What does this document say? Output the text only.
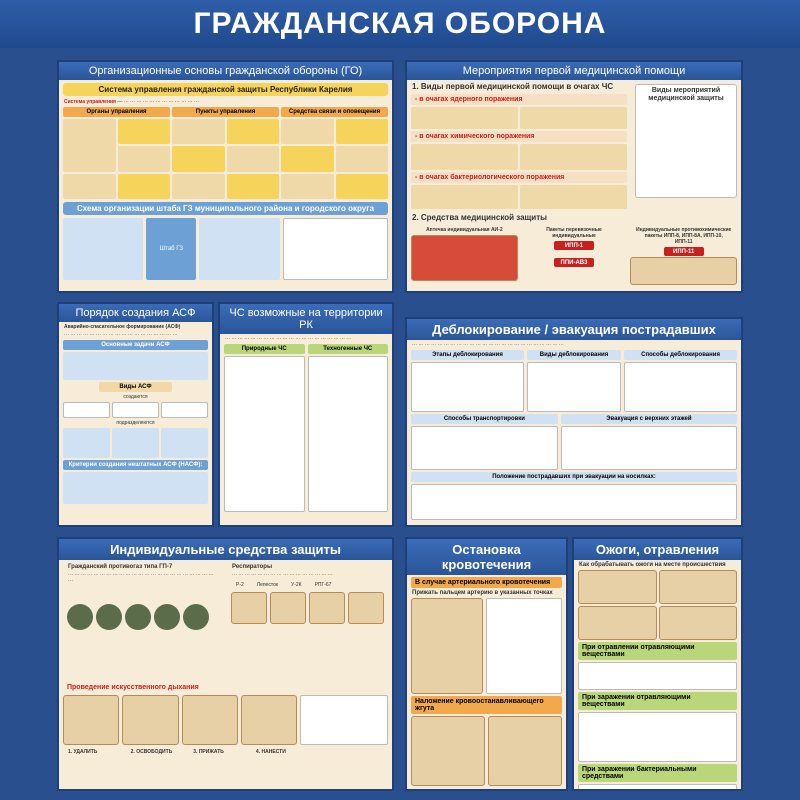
ГРАЖДАНСКАЯ ОБОРОНА
Организационные основы гражданской обороны (ГО)
Система управления гражданской защиты Республики Карелия
Система управления — ··· ··· ··· ··· ··· ··· ··· ··· ··· ··· ··· ···
Органы управления	Пункты управления	Средства связи и оповещения
Схема организации штаба ГЗ муниципального района и городского округа
Штаб ГЗ
Мероприятия первой медицинской помощи
1. Виды первой медицинской помощи в очагах ЧС
- в очагах ядерного поражения
- в очагах химического поражения
- в очагах бактериологического поражения
Виды мероприятий медицинской защиты
2. Средства медицинской защиты
Аптечка индивидуальная АИ-2	Пакеты перевязочные индивидуальные
ИПП-1
ППИ-АВ3
Индивидуальные противохимические пакеты ИПП-8, ИПП-8А, ИПП-10, ИПП-11
ИПП-11
Порядок создания АСФ
Аварийно-спасательное формирование (АСФ)
··· ··· ··· ··· ··· ··· ··· ··· ··· ··· ··· ··· ··· ··· ··· ··· ··· ···
Основные задачи АСФ
Виды АСФ
создаются
подразделяются
Критерии создания нештатных АСФ (НАСФ):
ЧС возможные на территории РК
··· ··· ··· ··· ··· ··· ··· ··· ··· ··· ··· ··· ··· ··· ··· ··· ··· ··· ··· ···
Природные ЧС	Техногенные ЧС
Деблокирование / эвакуация пострадавших
··· ··· ··· ··· ··· ··· ··· ··· ··· ··· ··· ··· ··· ··· ··· ··· ··· ··· ··· ··· ··· ··· ··· ···
Этапы деблокирования	Виды деблокирования	Способы деблокирования
Способы транспортировки	Эвакуация с верхних этажей
Положение пострадавших при эвакуации на носилках:
Индивидуальные средства защиты
Гражданский противогаз типа ГП-7
··· ··· ··· ··· ··· ··· ··· ··· ··· ··· ··· ··· ··· ··· ··· ··· ··· ··· ··· ··· ··· ··· ··· ···
Респираторы
··· ··· ··· ··· ··· ··· ··· ··· ··· ··· ··· ··· ··· ··· ··· ···
Р-2	Лепесток	У-2К	РПГ-67
Проведение искусственного дыхания
1. УДАЛИТЬ	2. ОСВОБОДИТЬ	3. ПРИЖАТЬ	4. НАНЕСТИ
Остановка кровотечения
В случае артериального кровотечения
Прижать пальцем артерию в указанных точках
Наложение кровоостанавливающего жгута
Ожоги, отравления
Как обрабатывать ожоги на месте происшествия
При отравлении отравляющими веществами
При заражении отравляющими веществами
При заражении бактериальными средствами
